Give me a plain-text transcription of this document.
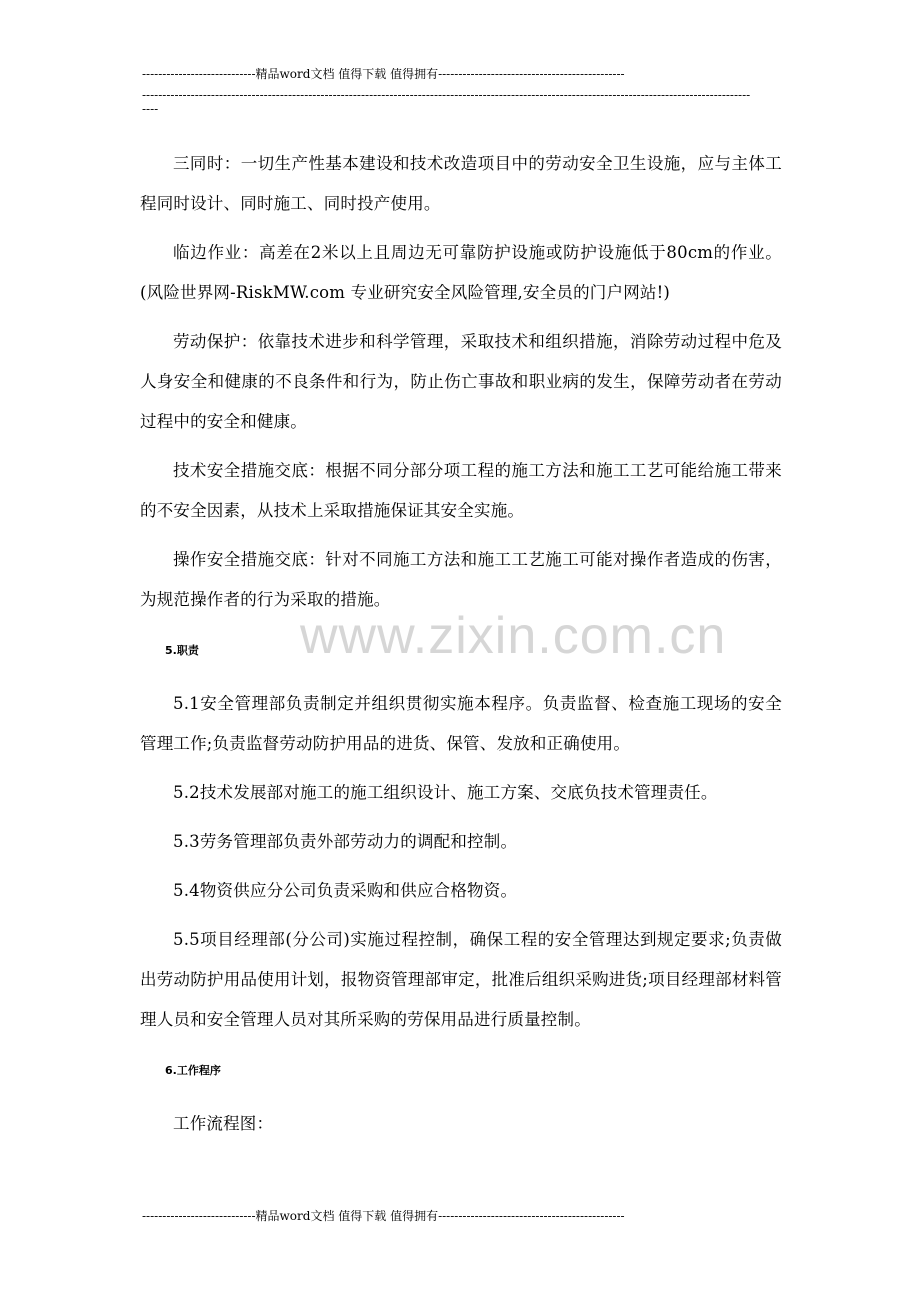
----------------------------精品word文档 值得下载 值得拥有----------------------------------------------
------------------------------------------------------------------------------------------------------------------------------------------------------
----
www.zixin.com.cn

三同时：一切生产性基本建设和技术改造项目中的劳动安全卫生设施，应与主体工程同时设计、同时施工、同时投产使用。

临边作业：高差在2米以上且周边无可靠防护设施或防护设施低于80cm的作业。(风险世界网-RiskMW.com 专业研究安全风险管理,安全员的门户网站!)

劳动保护：依靠技术进步和科学管理，采取技术和组织措施，消除劳动过程中危及人身安全和健康的不良条件和行为，防止伤亡事故和职业病的发生，保障劳动者在劳动过程中的安全和健康。

技术安全措施交底：根据不同分部分项工程的施工方法和施工工艺可能给施工带来的不安全因素，从技术上采取措施保证其安全实施。

操作安全措施交底：针对不同施工方法和施工工艺施工可能对操作者造成的伤害，为规范操作者的行为采取的措施。

5.职责

5.1安全管理部负责制定并组织贯彻实施本程序。负责监督、检查施工现场的安全管理工作;负责监督劳动防护用品的进货、保管、发放和正确使用。

5.2技术发展部对施工的施工组织设计、施工方案、交底负技术管理责任。

5.3劳务管理部负责外部劳动力的调配和控制。

5.4物资供应分公司负责采购和供应合格物资。

5.5项目经理部(分公司)实施过程控制，确保工程的安全管理达到规定要求;负责做出劳动防护用品使用计划，报物资管理部审定，批准后组织采购进货;项目经理部材料管理人员和安全管理人员对其所采购的劳保用品进行质量控制。

6.工作程序

工作流程图：

----------------------------精品word文档 值得下载 值得拥有----------------------------------------------
